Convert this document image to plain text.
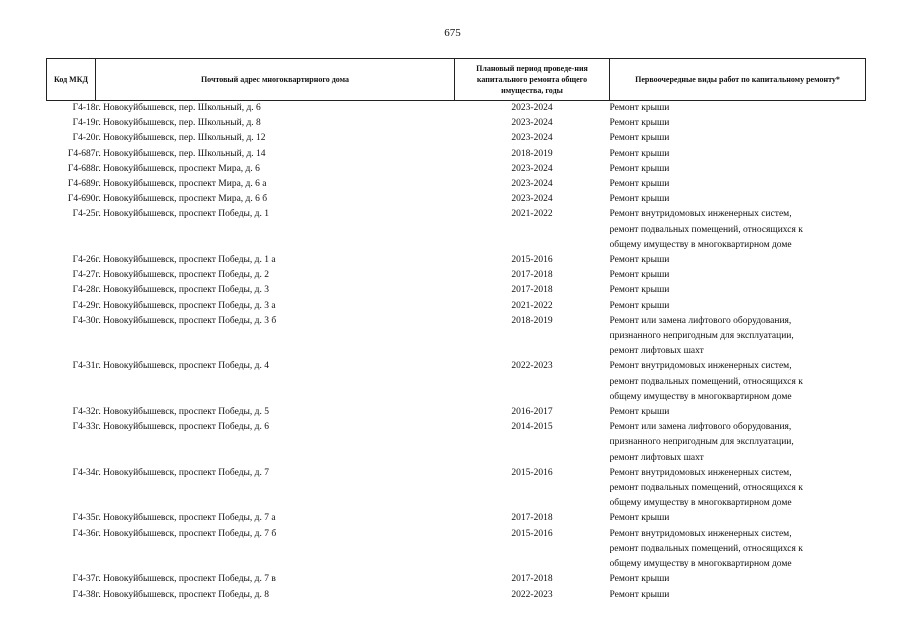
675
Код МКД	Почтовый адрес многоквартирного дома	Плановый период проведе-ния капитального ремонта общего имущества, годы	Первоочередные виды работ по капитальному ремонту*
Г4-18	г. Новокуйбышевск, пер. Школьный, д. 6	2023-2024	Ремонт крыши

Г4-19	г. Новокуйбышевск, пер. Школьный, д. 8	2023-2024	Ремонт крыши

Г4-20	г. Новокуйбышевск, пер. Школьный, д. 12	2023-2024	Ремонт крыши

Г4-687	г. Новокуйбышевск, пер. Школьный, д. 14	2018-2019	Ремонт крыши

Г4-688	г. Новокуйбышевск, проспект Мира, д. 6	2023-2024	Ремонт крыши

Г4-689	г. Новокуйбышевск, проспект Мира, д. 6 а	2023-2024	Ремонт крыши

Г4-690	г. Новокуйбышевск, проспект Мира, д. 6 б	2023-2024	Ремонт крыши

Г4-25	г. Новокуйбышевск, проспект Победы, д. 1	2021-2022	Ремонт внутридомовых инженерных систем,
ремонт подвальных помещений, относящихся к
общему имуществу в многоквартирном доме

Г4-26	г. Новокуйбышевск, проспект Победы, д. 1 а	2015-2016	Ремонт крыши

Г4-27	г. Новокуйбышевск, проспект Победы, д. 2	2017-2018	Ремонт крыши

Г4-28	г. Новокуйбышевск, проспект Победы, д. 3	2017-2018	Ремонт крыши

Г4-29	г. Новокуйбышевск, проспект Победы, д. 3 а	2021-2022	Ремонт крыши

Г4-30	г. Новокуйбышевск, проспект Победы, д. 3 б	2018-2019	Ремонт или замена лифтового оборудования,
признанного непригодным для эксплуатации,
ремонт лифтовых шахт

Г4-31	г. Новокуйбышевск, проспект Победы, д. 4	2022-2023	Ремонт внутридомовых инженерных систем,
ремонт подвальных помещений, относящихся к
общему имуществу в многоквартирном доме

Г4-32	г. Новокуйбышевск, проспект Победы, д. 5	2016-2017	Ремонт крыши

Г4-33	г. Новокуйбышевск, проспект Победы, д. 6	2014-2015	Ремонт или замена лифтового оборудования,
признанного непригодным для эксплуатации,
ремонт лифтовых шахт

Г4-34	г. Новокуйбышевск, проспект Победы, д. 7	2015-2016	Ремонт внутридомовых инженерных систем,
ремонт подвальных помещений, относящихся к
общему имуществу в многоквартирном доме

Г4-35	г. Новокуйбышевск, проспект Победы, д. 7 а	2017-2018	Ремонт крыши

Г4-36	г. Новокуйбышевск, проспект Победы, д. 7 б	2015-2016	Ремонт внутридомовых инженерных систем,
ремонт подвальных помещений, относящихся к
общему имуществу в многоквартирном доме

Г4-37	г. Новокуйбышевск, проспект Победы, д. 7 в	2017-2018	Ремонт крыши

Г4-38	г. Новокуйбышевск, проспект Победы, д. 8	2022-2023	Ремонт крыши
